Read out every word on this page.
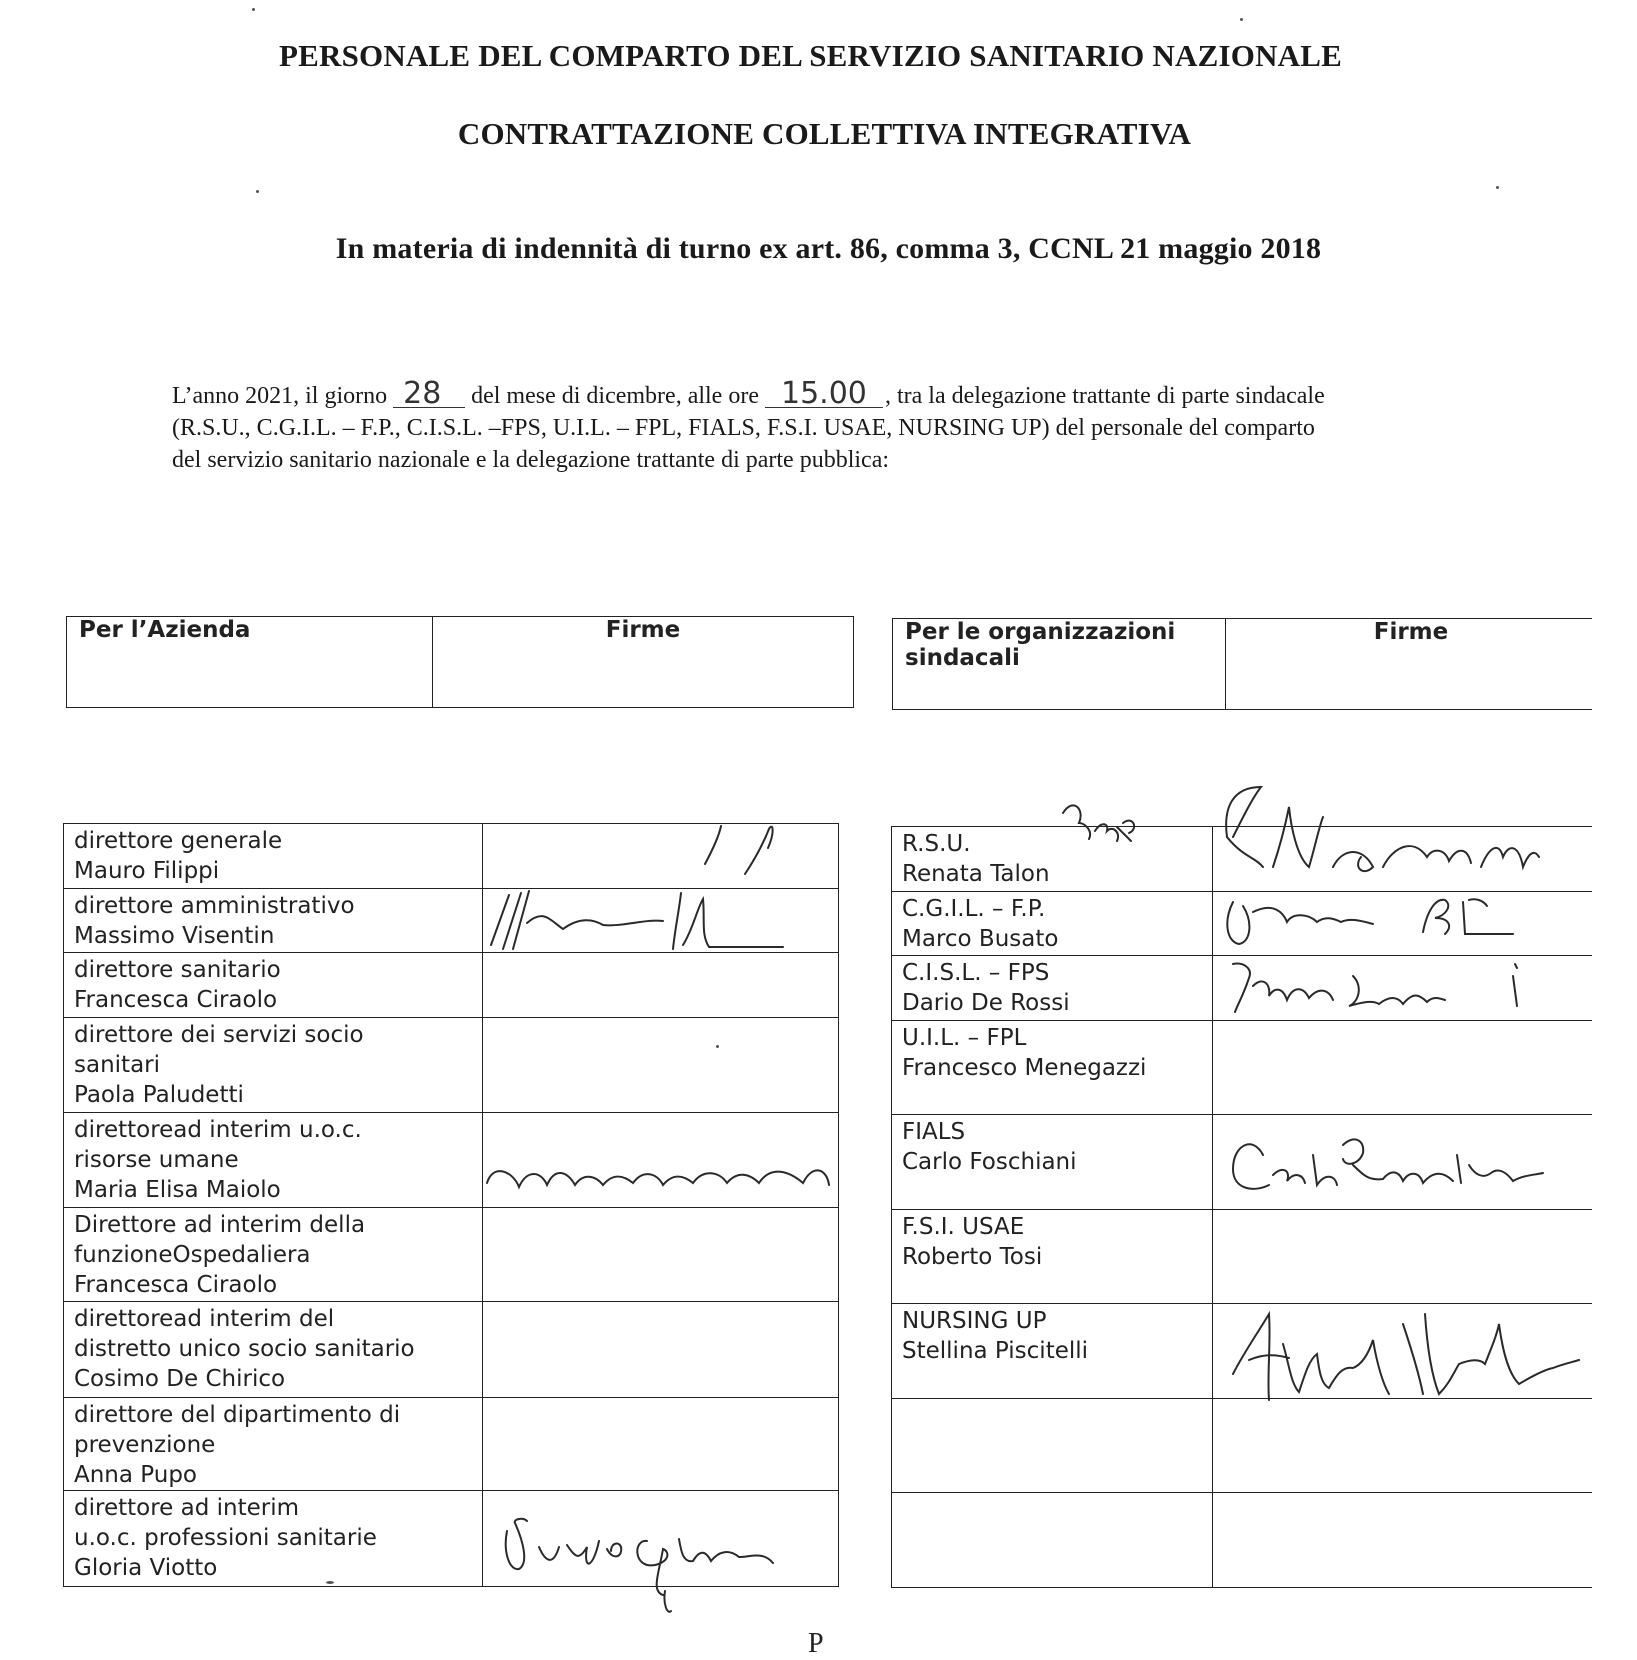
PERSONALE DEL COMPARTO DEL SERVIZIO SANITARIO NAZIONALE
CONTRATTAZIONE COLLETTIVA INTEGRATIVA
In materia di indennità di turno ex art. 86, comma 3, CCNL 21 maggio 2018
L’anno 2021, il giorno 28 del mese di dicembre, alle ore 15.00 , tra la delegazione trattante di parte sindacale
(R.S.U., C.G.I.L. – F.P., C.I.S.L. –FPS, U.I.L. – FPL, FIALS, F.S.I. USAE, NURSING UP) del personale del comparto
del servizio sanitario nazionale e la delegazione trattante di parte pubblica:
Per l’Azienda	Firme	Per le organizzazioni sindacali	Firme
direttore generale
Mauro Filippi

direttore amministrativo
Massimo Visentin

direttore sanitario
Francesca Ciraolo	

direttore dei servizi socio
sanitari
Paola Paludetti	

direttoread interim u.o.c.
risorse umane
Maria Elisa Maiolo

Direttore ad interim della
funzioneOspedaliera
Francesca Ciraolo	

direttoread interim del
distretto unico socio sanitario
Cosimo De Chirico	

direttore del dipartimento di
prevenzione
Anna Pupo	

direttore ad interim
u.o.c. professioni sanitarie
Gloria Viotto

R.S.U.
Renata Talon

C.G.I.L. – F.P.
Marco Busato

C.I.S.L. – FPS
Dario De Rossi

U.I.L. – FPL
Francesco Menegazzi	

FIALS
Carlo Foschiani

F.S.I. USAE
Roberto Tosi	

NURSING UP
Stellina Piscitelli

P
